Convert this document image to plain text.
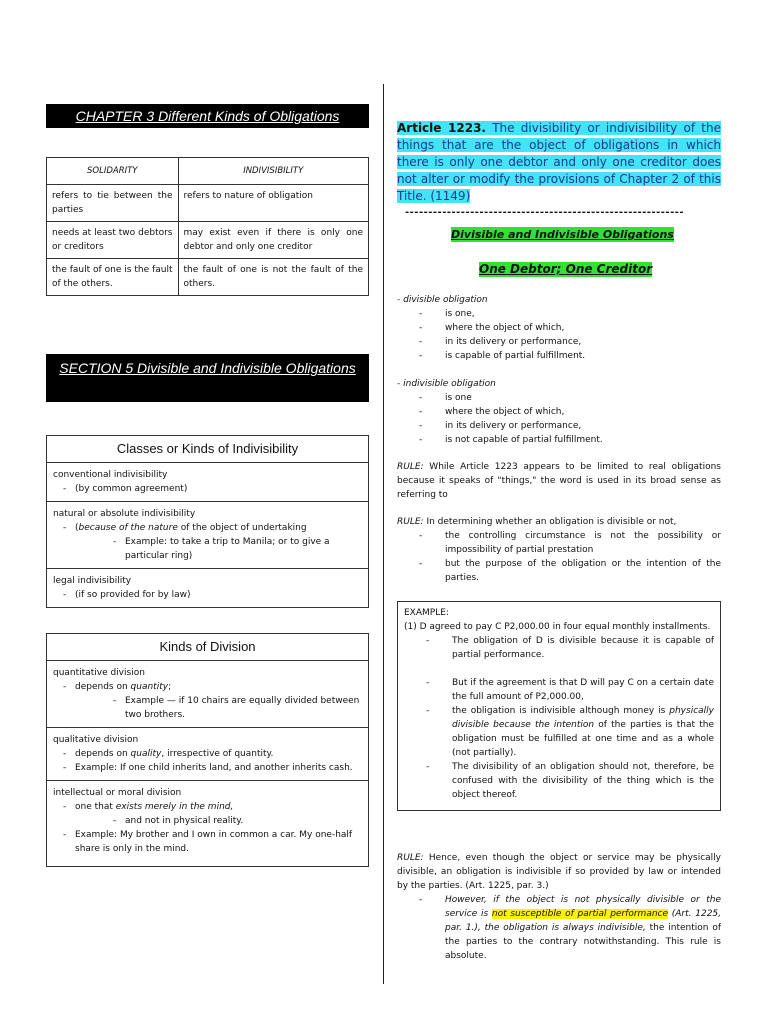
CHAPTER 3 Different Kinds of Obligations
SOLIDARITY	INDIVISIBILITY
refers to tie between the parties	refers to nature of obligation
needs at least two debtors or creditors	may exist even if there is only one debtor and only one creditor
the fault of one is the fault of the others.	the fault of one is not the fault of the others.
SECTION 5 Divisible and Indivisible Obligations
Classes or Kinds of Indivisibility
conventional indivisibility
- (by common agreement)
natural or absolute indivisibility
- (because of the nature of the object of undertaking
- Example: to take a trip to Manila; or to give a particular ring)
legal indivisibility
- (if so provided for by law)
Kinds of Division
quantitative division
- depends on quantity;
- Example — if 10 chairs are equally divided between two brothers.
qualitative division
- depends on quality, irrespective of quantity.
- Example: If one child inherits land, and another inherits cash.
intellectual or moral division
- one that exists merely in the mind,
- and not in physical reality.
- Example: My brother and I own in common a car. My one-half share is only in the mind.
Article 1223. The divisibility or indivisibility of the things that are the object of obligations in which there is only one debtor and only one creditor does not alter or modify the provisions of Chapter 2 of this Title. (1149)
------------------------------------------------------------
Divisible and Indivisible Obligations
One Debtor; One Creditor
- divisible obligation
- is one,
- where the object of which,
- in its delivery or performance,
- is capable of partial fulfillment.
- indivisible obligation
- is one
- where the object of which,
- in its delivery or performance,
- is not capable of partial fulfillment.
RULE: While Article 1223 appears to be limited to real obligations because it speaks of "things," the word is used in its broad sense as referring to
RULE: In determining whether an obligation is divisible or not,
- the controlling circumstance is not the possibility or impossibility of partial prestation
- but the purpose of the obligation or the intention of the parties.
EXAMPLE:
(1) D agreed to pay C P2,000.00 in four equal monthly installments.
- The obligation of D is divisible because it is capable of partial performance.
- But if the agreement is that D will pay C on a certain date the full amount of P2,000.00,
- the obligation is indivisible although money is physically divisible because the intention of the parties is that the obligation must be fulfilled at one time and as a whole (not partially).
- The divisibility of an obligation should not, therefore, be confused with the divisibility of the thing which is the object thereof.
RULE: Hence, even though the object or service may be physically divisible, an obligation is indivisible if so provided by law or intended by the parties. (Art. 1225, par. 3.)
- However, if the object is not physically divisible or the service is not susceptible of partial performance (Art. 1225, par. 1.), the obligation is always indivisible, the intention of the parties to the contrary notwithstanding. This rule is absolute.
